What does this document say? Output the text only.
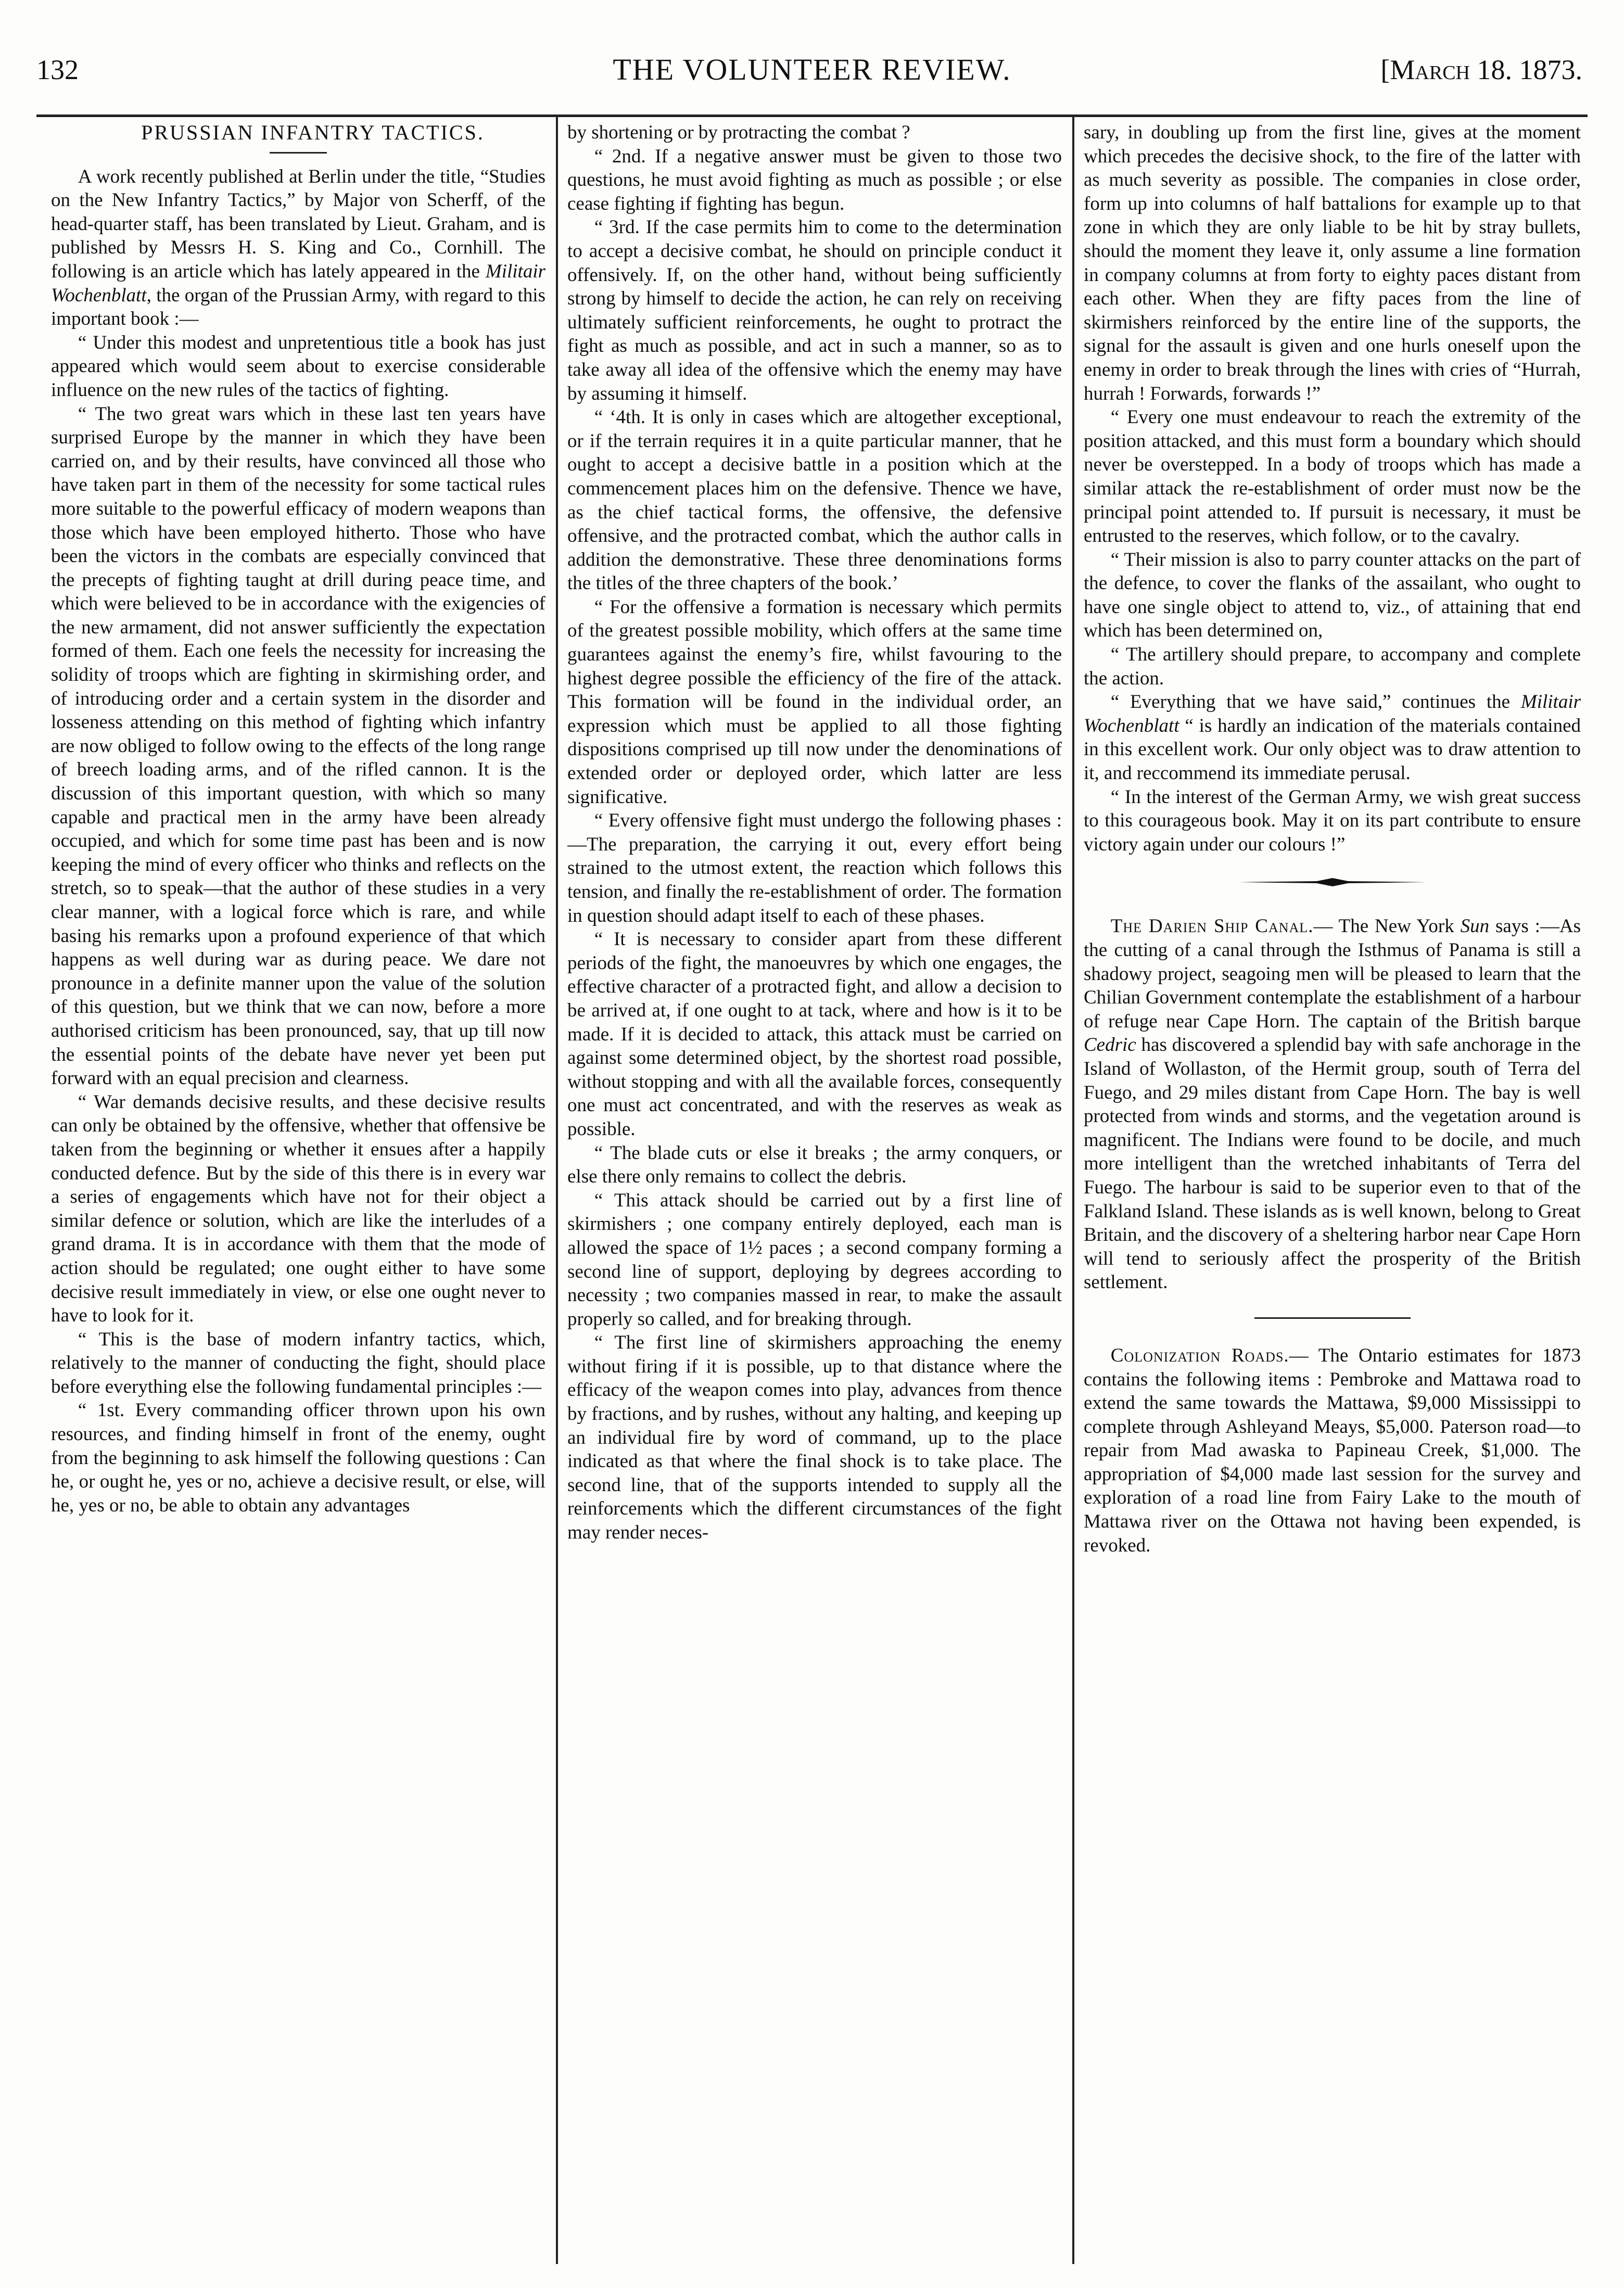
132	THE VOLUNTEER REVIEW.	[March 18. 1873.

PRUSSIAN INFANTRY TACTICS.

A work recently published at Berlin under the title, “Studies on the New Infantry Tactics,” by Major von Scherff, of the head-quarter staff, has been translated by Lieut. Graham, and is published by Messrs H. S. King and Co., Cornhill. The following is an article which has lately appeared in the Militair Wochenblatt, the organ of the Prussian Army, with regard to this important book :—

“ Under this modest and unpretentious title a book has just appeared which would seem about to exercise considerable influence on the new rules of the tactics of fighting.

“ The two great wars which in these last ten years have surprised Europe by the manner in which they have been carried on, and by their results, have convinced all those who have taken part in them of the necessity for some tactical rules more suitable to the powerful efficacy of modern weapons than those which have been employed hitherto. Those who have been the victors in the combats are especially convinced that the precepts of fighting taught at drill during peace time, and which were believed to be in accordance with the exigencies of the new armament, did not answer sufficiently the expectation formed of them. Each one feels the necessity for increasing the solidity of troops which are fighting in skirmishing order, and of introducing order and a certain system in the disorder and losseness attending on this method of fighting which infantry are now obliged to follow owing to the effects of the long range of breech loading arms, and of the rifled cannon. It is the discussion of this important question, with which so many capable and practical men in the army have been already occupied, and which for some time past has been and is now keeping the mind of every officer who thinks and reflects on the stretch, so to speak—that the author of these studies in a very clear manner, with a logical force which is rare, and while basing his remarks upon a profound experience of that which happens as well during war as during peace. We dare not pronounce in a definite manner upon the value of the solution of this question, but we think that we can now, before a more authorised criticism has been pronounced, say, that up till now the essential points of the debate have never yet been put forward with an equal precision and clearness.

“ War demands decisive results, and these decisive results can only be obtained by the offensive, whether that offensive be taken from the beginning or whether it ensues after a happily conducted defence. But by the side of this there is in every war a series of engagements which have not for their object a similar defence or solution, which are like the interludes of a grand drama. It is in accordance with them that the mode of action should be regulated; one ought either to have some decisive result immediately in view, or else one ought never to have to look for it.

“ This is the base of modern infantry tactics, which, relatively to the manner of conducting the fight, should place before everything else the following fundamental principles :—

“ 1st. Every commanding officer thrown upon his own resources, and finding himself in front of the enemy, ought from the beginning to ask himself the following questions : Can he, or ought he, yes or no, achieve a decisive result, or else, will he, yes or no, be able to obtain any advantages

by shortening or by protracting the combat ?

“ 2nd. If a negative answer must be given to those two questions, he must avoid fighting as much as possible ; or else cease fighting if fighting has begun.

“ 3rd. If the case permits him to come to the determination to accept a decisive combat, he should on principle conduct it offensively. If, on the other hand, without being sufficiently strong by himself to decide the action, he can rely on receiving ultimately sufficient reinforcements, he ought to protract the fight as much as possible, and act in such a manner, so as to take away all idea of the offensive which the enemy may have by assuming it himself.

“ ‘4th. It is only in cases which are altogether exceptional, or if the terrain requires it in a quite particular manner, that he ought to accept a decisive battle in a position which at the commencement places him on the defensive. Thence we have, as the chief tactical forms, the offensive, the defensive offensive, and the protracted combat, which the author calls in addition the demonstrative. These three denominations forms the titles of the three chapters of the book.’

“ For the offensive a formation is necessary which permits of the greatest possible mobility, which offers at the same time guarantees against the enemy’s fire, whilst favouring to the highest degree possible the efficiency of the fire of the attack. This formation will be found in the individual order, an expression which must be applied to all those fighting dispositions comprised up till now under the denominations of extended order or deployed order, which latter are less significative.

“ Every offensive fight must undergo the following phases :—The preparation, the carrying it out, every effort being strained to the utmost extent, the reaction which follows this tension, and finally the re-establishment of order. The formation in question should adapt itself to each of these phases.

“ It is necessary to consider apart from these different periods of the fight, the manoeuvres by which one engages, the effective character of a protracted fight, and allow a decision to be arrived at, if one ought to at tack, where and how is it to be made. If it is decided to attack, this attack must be carried on against some determined object, by the shortest road possible, without stopping and with all the available forces, consequently one must act concentrated, and with the reserves as weak as possible.

“ The blade cuts or else it breaks ; the army conquers, or else there only remains to collect the debris.

“ This attack should be carried out by a first line of skirmishers ; one company entirely deployed, each man is allowed the space of 1½ paces ; a second company forming a second line of support, deploying by degrees according to necessity ; two companies massed in rear, to make the assault properly so called, and for breaking through.

“ The first line of skirmishers approaching the enemy without firing if it is possible, up to that distance where the efficacy of the weapon comes into play, advances from thence by fractions, and by rushes, without any halting, and keeping up an individual fire by word of command, up to the place indicated as that where the final shock is to take place. The second line, that of the supports intended to supply all the reinforcements which the different circumstances of the fight may render neces-

sary, in doubling up from the first line, gives at the moment which precedes the decisive shock, to the fire of the latter with as much severity as possible. The companies in close order, form up into columns of half battalions for example up to that zone in which they are only liable to be hit by stray bullets, should the moment they leave it, only assume a line formation in company columns at from forty to eighty paces distant from each other. When they are fifty paces from the line of skirmishers reinforced by the entire line of the supports, the signal for the assault is given and one hurls oneself upon the enemy in order to break through the lines with cries of “Hurrah, hurrah ! Forwards, forwards !”

“ Every one must endeavour to reach the extremity of the position attacked, and this must form a boundary which should never be overstepped. In a body of troops which has made a similar attack the re-establishment of order must now be the principal point attended to. If pursuit is necessary, it must be entrusted to the reserves, which follow, or to the cavalry.

“ Their mission is also to parry counter attacks on the part of the defence, to cover the flanks of the assailant, who ought to have one single object to attend to, viz., of attaining that end which has been determined on,

“ The artillery should prepare, to accompany and complete the action.

“ Everything that we have said,” continues the Militair Wochenblatt “ is hardly an indication of the materials contained in this excellent work. Our only object was to draw attention to it, and reccommend its immediate perusal.

“ In the interest of the German Army, we wish great success to this courageous book. May it on its part contribute to ensure victory again under our colours !”

The Darien Ship Canal.— The New York Sun says :—As the cutting of a canal through the Isthmus of Panama is still a shadowy project, seagoing men will be pleased to learn that the Chilian Government contemplate the establishment of a harbour of refuge near Cape Horn. The captain of the British barque Cedric has discovered a splendid bay with safe anchorage in the Island of Wollaston, of the Hermit group, south of Terra del Fuego, and 29 miles distant from Cape Horn. The bay is well protected from winds and storms, and the vegetation around is magnificent. The Indians were found to be docile, and much more intelligent than the wretched inhabitants of Terra del Fuego. The harbour is said to be superior even to that of the Falkland Island. These islands as is well known, belong to Great Britain, and the discovery of a sheltering harbor near Cape Horn will tend to seriously affect the prosperity of the British settlement.

Colonization Roads.— The Ontario estimates for 1873 contains the following items : Pembroke and Mattawa road to extend the same towards the Mattawa, $9,000 Mississippi to complete through Ashleyand Meays, $5,000. Paterson road—to repair from Mad awaska to Papineau Creek, $1,000. The appropriation of $4,000 made last session for the survey and exploration of a road line from Fairy Lake to the mouth of Mattawa river on the Ottawa not having been expended, is revoked.
